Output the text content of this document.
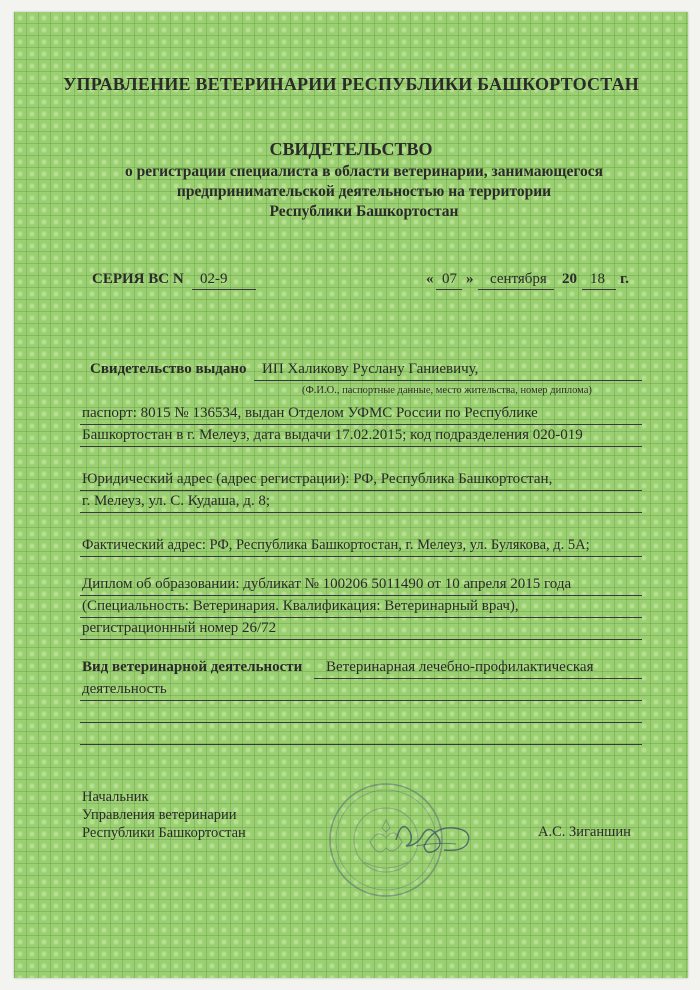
УПРАВЛЕНИЕ ВЕТЕРИНАРИИ РЕСПУБЛИКИ БАШКОРТОСТАН
СВИДЕТЕЛЬСТВО
о регистрации специалиста в области ветеринарии, занимающегося
предпринимательской деятельностью на территории
Республики Башкортостан
СЕРИЯ ВС N 02-9	« 07 » сентября 20 18 г.
Свидетельство выдано ИП Халикову Руслану Ганиевичу,
(Ф.И.О., паспортные данные, место жительства, номер диплома)
паспорт: 8015 № 136534, выдан Отделом УФМС России по Республике
Башкортостан в г. Мелеуз, дата выдачи 17.02.2015; код подразделения 020-019
Юридический адрес (адрес регистрации): РФ, Республика Башкортостан,
г. Мелеуз, ул. С. Кудаша, д. 8;
Фактический адрес: РФ, Республика Башкортостан, г. Мелеуз, ул. Булякова, д. 5А;
Диплом об образовании: дубликат № 100206 5011490 от 10 апреля 2015 года
(Специальность: Ветеринария. Квалификация: Ветеринарный врач),
регистрационный номер 26/72
Вид ветеринарной деятельности Ветеринарная лечебно-профилактическая
деятельность
Начальник
Управления ветеринарии
Республики Башкортостан	А.С. Зиганшин
